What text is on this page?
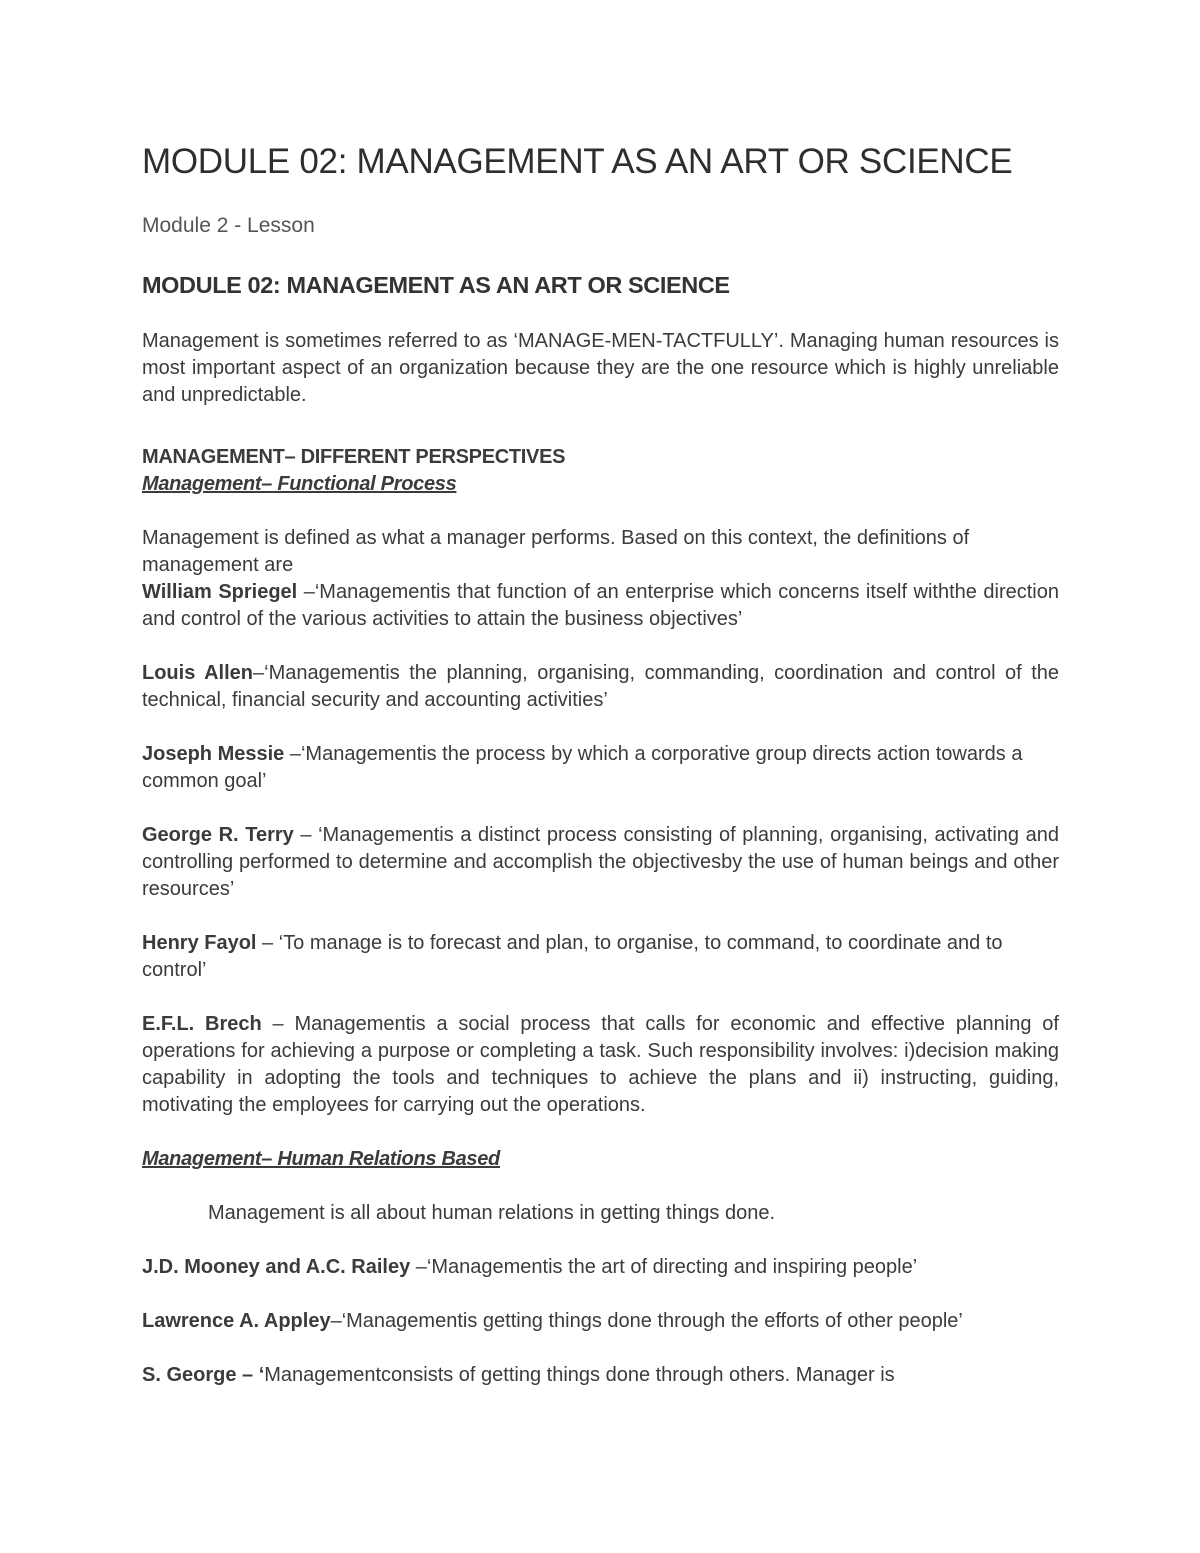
MODULE 02: MANAGEMENT AS AN ART OR SCIENCE
Module 2 - Lesson
MODULE 02: MANAGEMENT AS AN ART OR SCIENCE

Management is sometimes referred to as ‘MANAGE-MEN-TACTFULLY’. Managing human resources is most important aspect of an organization because they are the one resource which is highly unreliable and unpredictable.

MANAGEMENT– DIFFERENT PERSPECTIVES
Management– Functional Process

Management is defined as what a manager performs. Based on this context, the definitions of management are

William Spriegel –‘Managementis that function of an enterprise which concerns itself withthe direction and control of the various activities to attain the business objectives’

Louis Allen–‘Managementis the planning, organising, commanding, coordination and control of the technical, financial security and accounting activities’

Joseph Messie –‘Managementis the process by which a corporative group directs action towards a common goal’

George R. Terry – ‘Managementis a distinct process consisting of planning, organising, activating and controlling performed to determine and accomplish the objectivesby the use of human beings and other resources’

Henry Fayol – ‘To manage is to forecast and plan, to organise, to command, to coordinate and to control’

E.F.L. Brech – Managementis a social process that calls for economic and effective planning of operations for achieving a purpose or completing a task. Such responsibility involves: i)decision making capability in adopting the tools and techniques to achieve the plans and ii) instructing, guiding, motivating the employees for carrying out the operations.

Management– Human Relations Based

Management is all about human relations in getting things done.

J.D. Mooney and A.C. Railey –‘Managementis the art of directing and inspiring people’

Lawrence A. Appley–‘Managementis getting things done through the efforts of other people’

S. George – ‘Managementconsists of getting things done through others. Manager is
